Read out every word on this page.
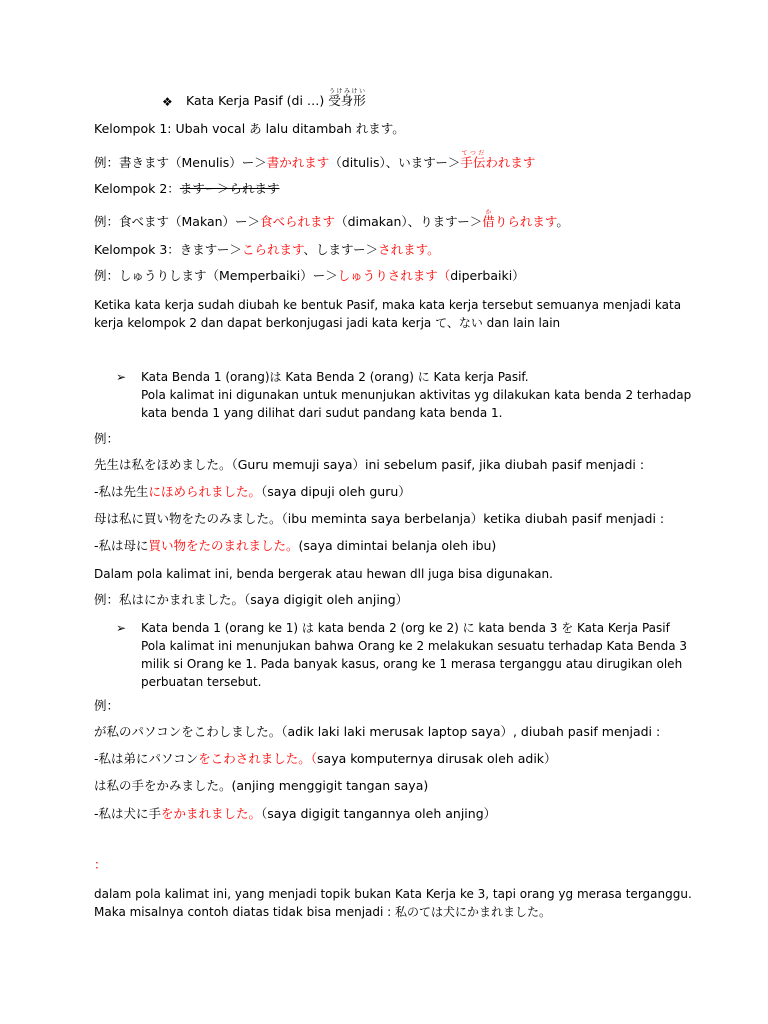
❖ Kata Kerja Pasif (di …) 受身形うけみけい
Kelompok 1: Ubah vocal あ lalu ditambah れます。
例：書きます（Menulis）ー＞書かれます（ditulis）、いますー＞手伝てつだわれます
Kelompok 2：ますー＞られます
例：食べます（Makan）ー＞食べられます（dimakan）、りますー＞借かりられます。
Kelompok 3：きますー＞こられます、しますー＞されます。
例：しゅうりします（Memperbaiki）ー＞しゅうりされます（diperbaiki）
Ketika kata kerja sudah diubah ke bentuk Pasif, maka kata kerja tersebut semuanya menjadi kata
kerja kelompok 2 dan dapat berkonjugasi jadi kata kerja て、ない dan lain lain
➢ Kata Benda 1 (orang)は Kata Benda 2 (orang) に Kata kerja Pasif.
Pola kalimat ini digunakan untuk menunjukan aktivitas yg dilakukan kata benda 2 terhadap
kata benda 1 yang dilihat dari sudut pandang kata benda 1.
例：
先生は私をほめました。（Guru memuji saya）ini sebelum pasif, jika diubah pasif menjadi :
-私は先生にほめられました。（saya dipuji oleh guru）
母は私に買い物をたのみました。（ibu meminta saya berbelanja）ketika diubah pasif menjadi :
-私は母に買い物をたのまれました。(saya dimintai belanja oleh ibu)
Dalam pola kalimat ini, benda bergerak atau hewan dll juga bisa digunakan.
例：私はにかまれました。（saya digigit oleh anjing）
➢ Kata benda 1 (orang ke 1) は kata benda 2 (org ke 2) に kata benda 3 を Kata Kerja Pasif
Pola kalimat ini menunjukan bahwa Orang ke 2 melakukan sesuatu terhadap Kata Benda 3
milik si Orang ke 1. Pada banyak kasus, orang ke 1 merasa terganggu atau dirugikan oleh
perbuatan tersebut.
例：
が私のパソコンをこわしました。（adik laki laki merusak laptop saya）, diubah pasif menjadi :
-私は弟にパソコンをこわされました。（saya komputernya dirusak oleh adik）
は私の手をかみました。(anjing menggigit tangan saya)
-私は犬に手をかまれました。（saya digigit tangannya oleh anjing）
：
dalam pola kalimat ini, yang menjadi topik bukan Kata Kerja ke 3, tapi orang yg merasa terganggu.
Maka misalnya contoh diatas tidak bisa menjadi : 私のては犬にかまれました。
